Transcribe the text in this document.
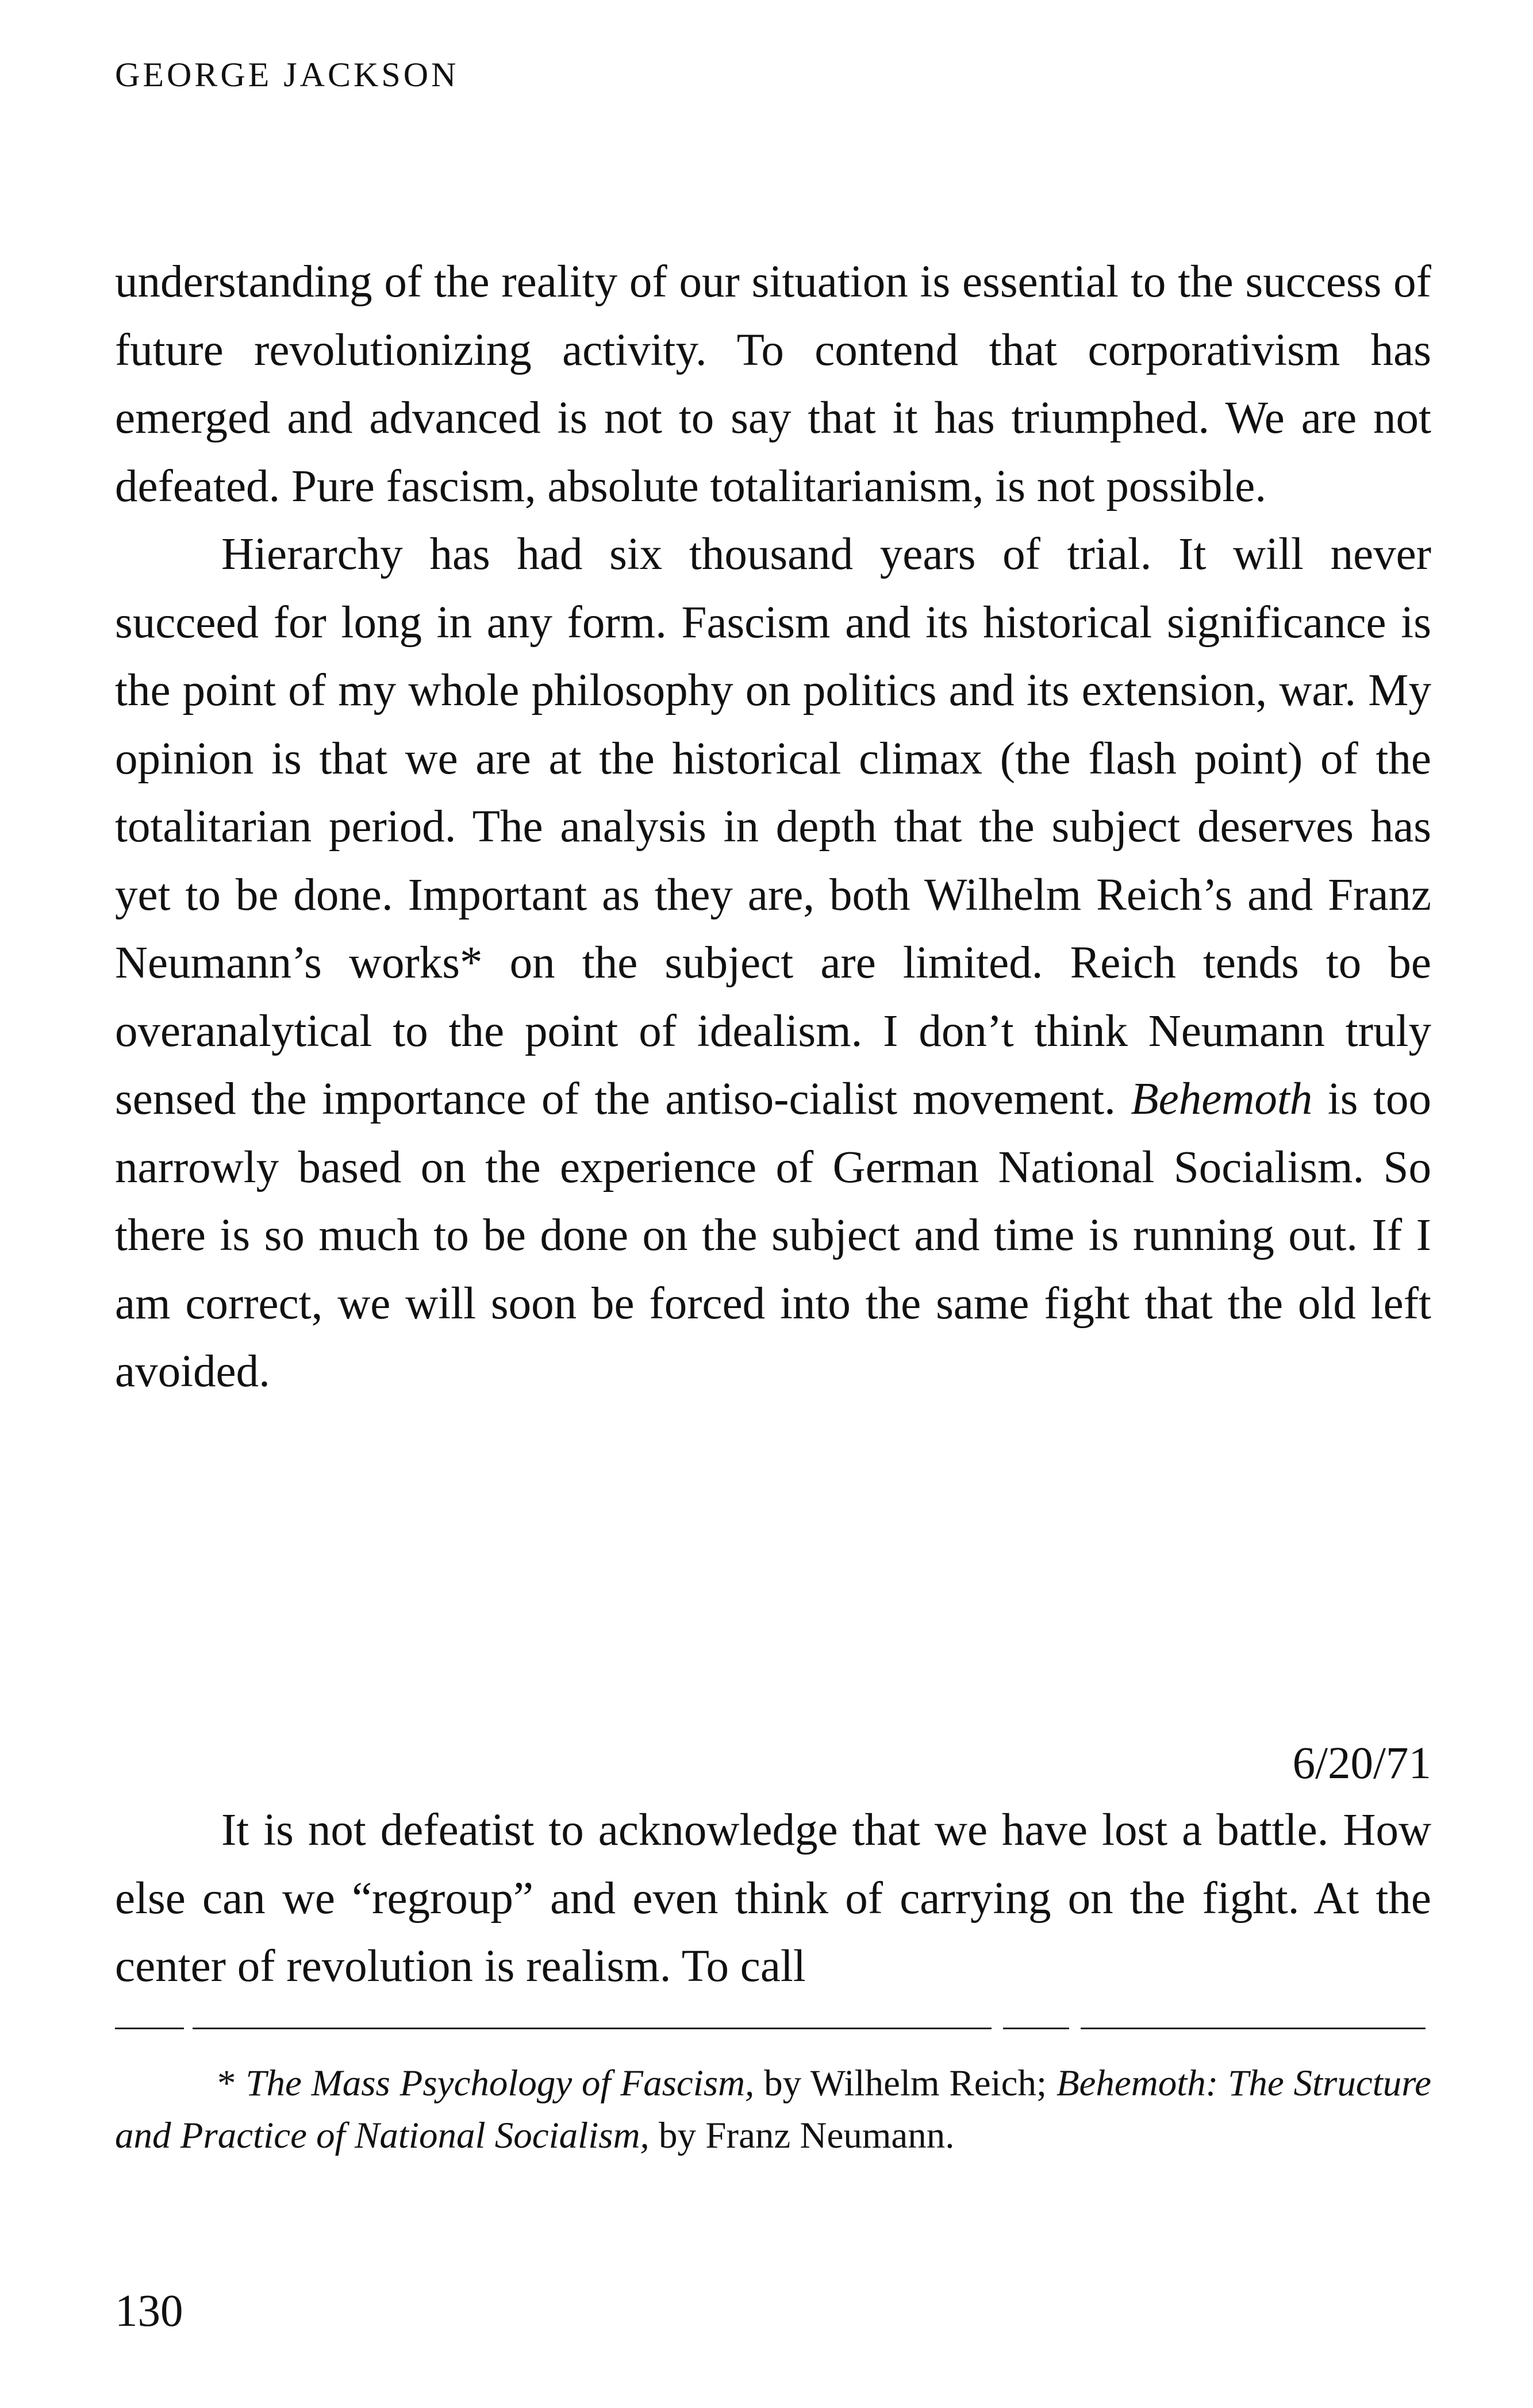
GEORGE JACKSON

understanding of the reality of our situation is essential to the success of future revolutionizing activity. To contend that corporativism has emerged and advanced is not to say that it has triumphed. We are not defeated. Pure fascism, absolute totalitarianism, is not possible.

Hierarchy has had six thousand years of trial. It will never succeed for long in any form. Fascism and its historical significance is the point of my whole philosophy on politics and its extension, war. My opinion is that we are at the historical climax (the flash point) of the totalitarian period. The analysis in depth that the subject deserves has yet to be done. Important as they are, both Wilhelm Reich’s and Franz Neumann’s works* on the subject are limited. Reich tends to be overanalytical to the point of idealism. I don’t think Neumann truly sensed the importance of the antiso-cialist movement. Behemoth is too narrowly based on the experience of German National Socialism. So there is so much to be done on the subject and time is running out. If I am correct, we will soon be forced into the same fight that the old left avoided.

6/20/71

It is not defeatist to acknowledge that we have lost a battle. How else can we “regroup” and even think of carrying on the fight. At the center of revolution is realism. To call

* The Mass Psychology of Fascism, by Wilhelm Reich; Behemoth: The Structure and Practice of National Socialism, by Franz Neumann.

130
